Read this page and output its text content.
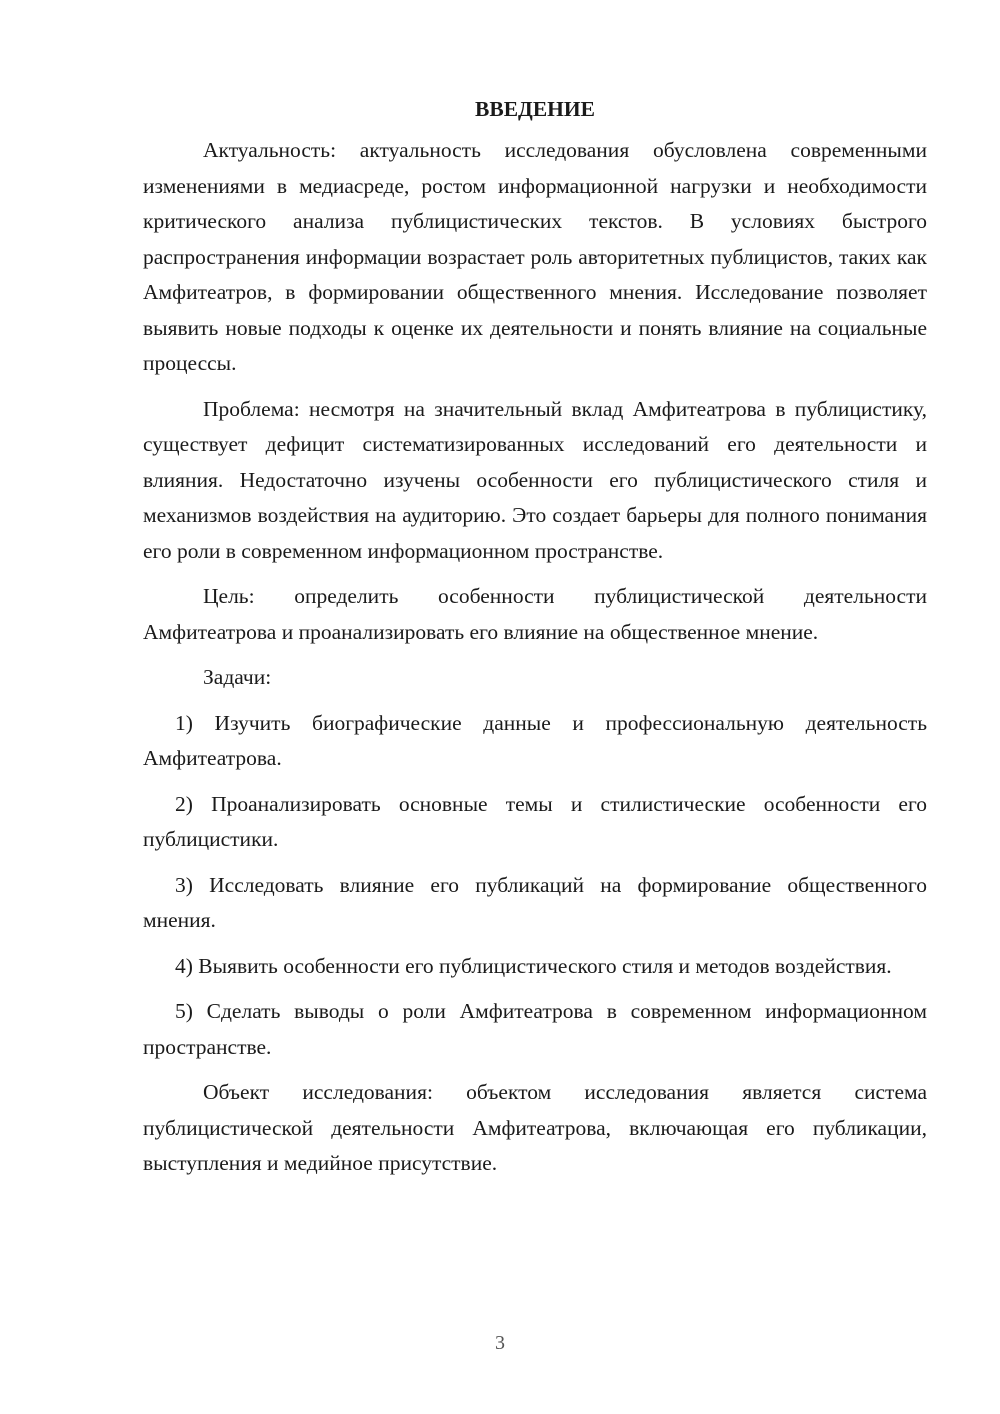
ВВЕДЕНИЕ

Актуальность: актуальность исследования обусловлена современными изменениями в медиасреде, ростом информационной нагрузки и необходимости критического анализа публицистических текстов. В условиях быстрого распространения информации возрастает роль авторитетных публицистов, таких как Амфитеатров, в формировании общественного мнения. Исследование позволяет выявить новые подходы к оценке их деятельности и понять влияние на социальные процессы.

Проблема: несмотря на значительный вклад Амфитеатрова в публицистику, существует дефицит систематизированных исследований его деятельности и влияния. Недостаточно изучены особенности его публицистического стиля и механизмов воздействия на аудиторию. Это создает барьеры для полного понимания его роли в современном информационном пространстве.

Цель: определить особенности публицистической деятельности Амфитеатрова и проанализировать его влияние на общественное мнение.

Задачи:

1) Изучить биографические данные и профессиональную деятельность Амфитеатрова.

2) Проанализировать основные темы и стилистические особенности его публицистики.

3) Исследовать влияние его публикаций на формирование общественного мнения.

4) Выявить особенности его публицистического стиля и методов воздействия.

5) Сделать выводы о роли Амфитеатрова в современном информационном пространстве.

Объект исследования: объектом исследования является система публицистической деятельности Амфитеатрова, включающая его публикации, выступления и медийное присутствие.

3
